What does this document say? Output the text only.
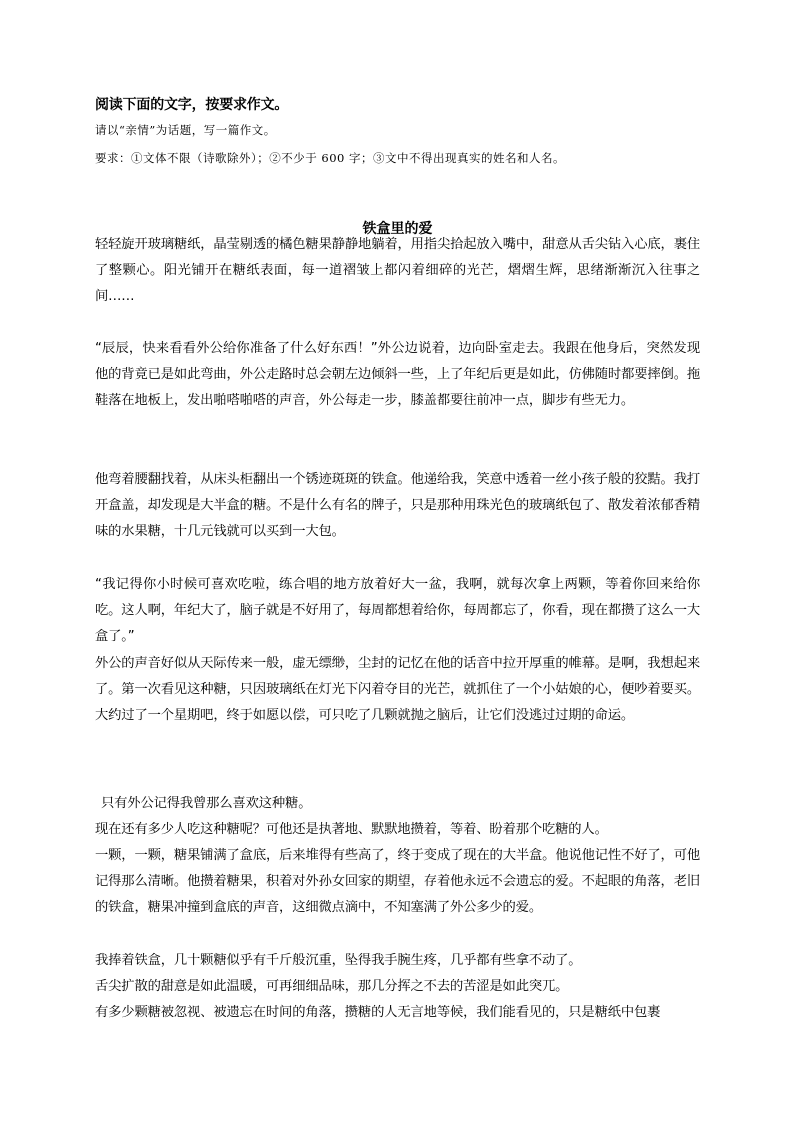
阅读下面的文字，按要求作文。

请以“亲情”为话题，写一篇作文。

要求：①文体不限（诗歌除外）；②不少于 600 字；③文中不得出现真实的姓名和人名。

铁盒里的爱

轻轻旋开玻璃糖纸，晶莹剔透的橘色糖果静静地躺着，用指尖拾起放入嘴中，甜意从舌尖钻入心底，裹住了整颗心。阳光铺开在糖纸表面，每一道褶皱上都闪着细碎的光芒，熠熠生辉，思绪渐渐沉入往事之间……

“辰辰，快来看看外公给你准备了什么好东西！”外公边说着，边向卧室走去。我跟在他身后，突然发现他的背竟已是如此弯曲，外公走路时总会朝左边倾斜一些，上了年纪后更是如此，仿佛随时都要摔倒。拖鞋落在地板上，发出啪嗒啪嗒的声音，外公每走一步，膝盖都要往前冲一点，脚步有些无力。

他弯着腰翻找着，从床头柜翻出一个锈迹斑斑的铁盒。他递给我，笑意中透着一丝小孩子般的狡黠。我打开盒盖，却发现是大半盒的糖。不是什么有名的牌子，只是那种用珠光色的玻璃纸包了、散发着浓郁香精味的水果糖，十几元钱就可以买到一大包。

“我记得你小时候可喜欢吃啦，练合唱的地方放着好大一盆，我啊，就每次拿上两颗，等着你回来给你吃。这人啊，年纪大了，脑子就是不好用了，每周都想着给你，每周都忘了，你看，现在都攒了这么一大盒了。”

外公的声音好似从天际传来一般，虚无缥缈，尘封的记忆在他的话音中拉开厚重的帷幕。是啊，我想起来了。第一次看见这种糖，只因玻璃纸在灯光下闪着夺目的光芒，就抓住了一个小姑娘的心，便吵着要买。大约过了一个星期吧，终于如愿以偿，可只吃了几颗就抛之脑后，让它们没逃过过期的命运。

只有外公记得我曾那么喜欢这种糖。

现在还有多少人吃这种糖呢？可他还是执著地、默默地攒着，等着、盼着那个吃糖的人。

一颗，一颗，糖果铺满了盒底，后来堆得有些高了，终于变成了现在的大半盒。他说他记性不好了，可他记得那么清晰。他攒着糖果，积着对外孙女回家的期望，存着他永远不会遗忘的爱。不起眼的角落，老旧的铁盒，糖果冲撞到盒底的声音，这细微点滴中，不知塞满了外公多少的爱。

我捧着铁盒，几十颗糖似乎有千斤般沉重，坠得我手腕生疼，几乎都有些拿不动了。

舌尖扩散的甜意是如此温暖，可再细细品味，那几分挥之不去的苦涩是如此突兀。

有多少颗糖被忽视、被遗忘在时间的角落，攒糖的人无言地等候，我们能看见的，只是糖纸中包裹
